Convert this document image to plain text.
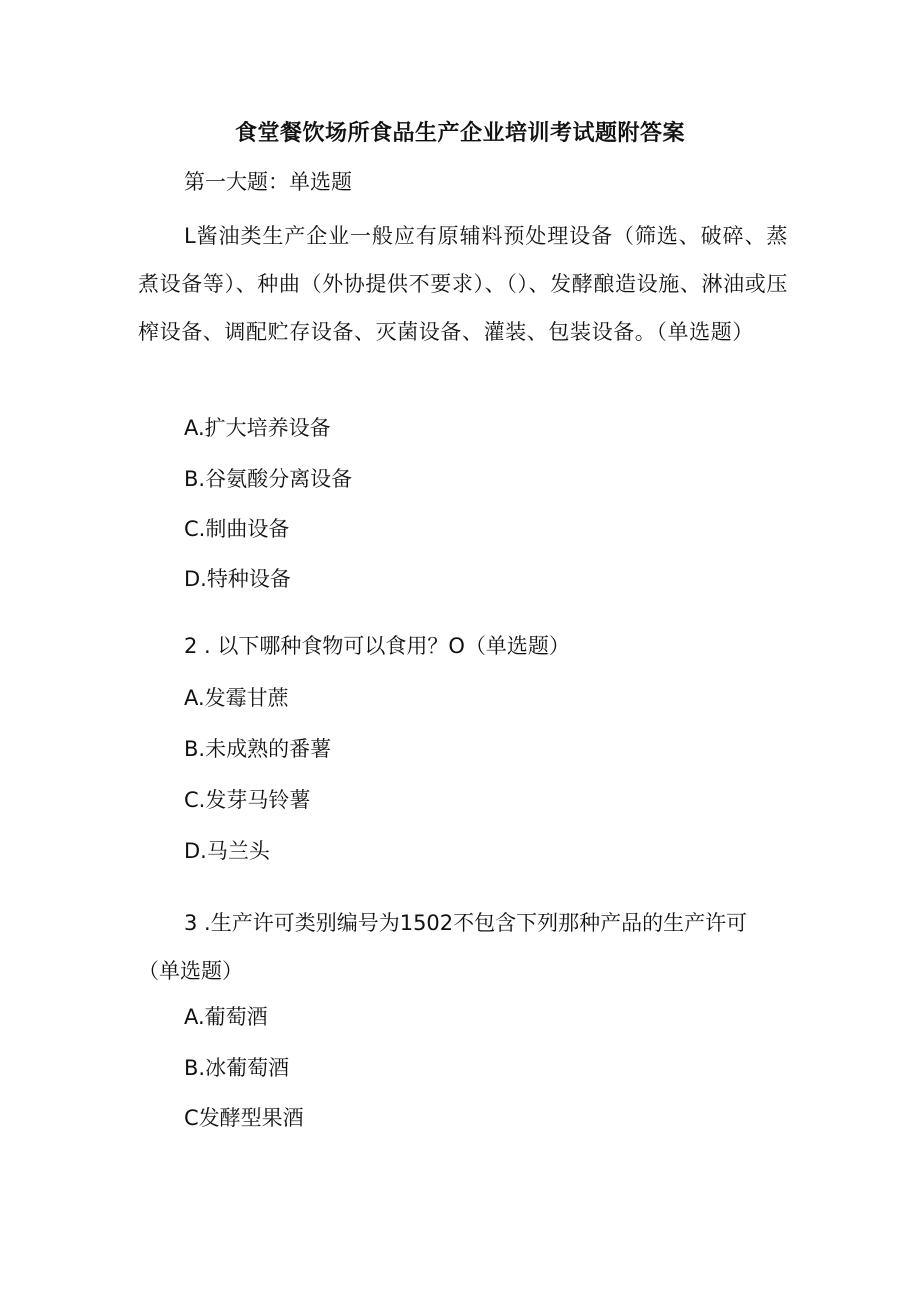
食堂餐饮场所食品生产企业培训考试题附答案
第一大题：单选题
L酱油类生产企业一般应有原辅料预处理设备（筛选、破碎、蒸煮设备等）、种曲（外协提供不要求）、（）、发酵酿造设施、淋油或压榨设备、调配贮存设备、灭菌设备、灌装、包装设备。（单选题）
A.扩大培养设备
B.谷氨酸分离设备
C.制曲设备
D.特种设备
2 . 以下哪种食物可以食用？O（单选题）
A.发霉甘蔗
B.未成熟的番薯
C.发芽马铃薯
D.马兰头
3 .生产许可类别编号为1502不包含下列那种产品的生产许可（单选题）
A.葡萄酒
B.冰葡萄酒
C发酵型果酒
